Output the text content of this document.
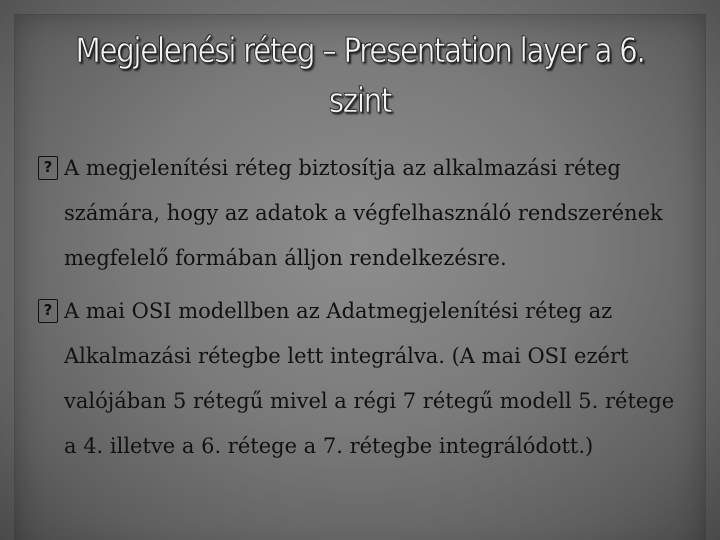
Megjelenési réteg – Presentation layer a 6. szint
? A megjelenítési réteg biztosítja az alkalmazási réteg számára, hogy az adatok a végfelhasználó rendszerének megfelelő formában álljon rendelkezésre.
? A mai OSI modellben az Adatmegjelenítési réteg az Alkalmazási rétegbe lett integrálva. (A mai OSI ezért valójában 5 rétegű mivel a régi 7 rétegű modell 5. rétege a 4. illetve a 6. rétege a 7. rétegbe integrálódott.)
